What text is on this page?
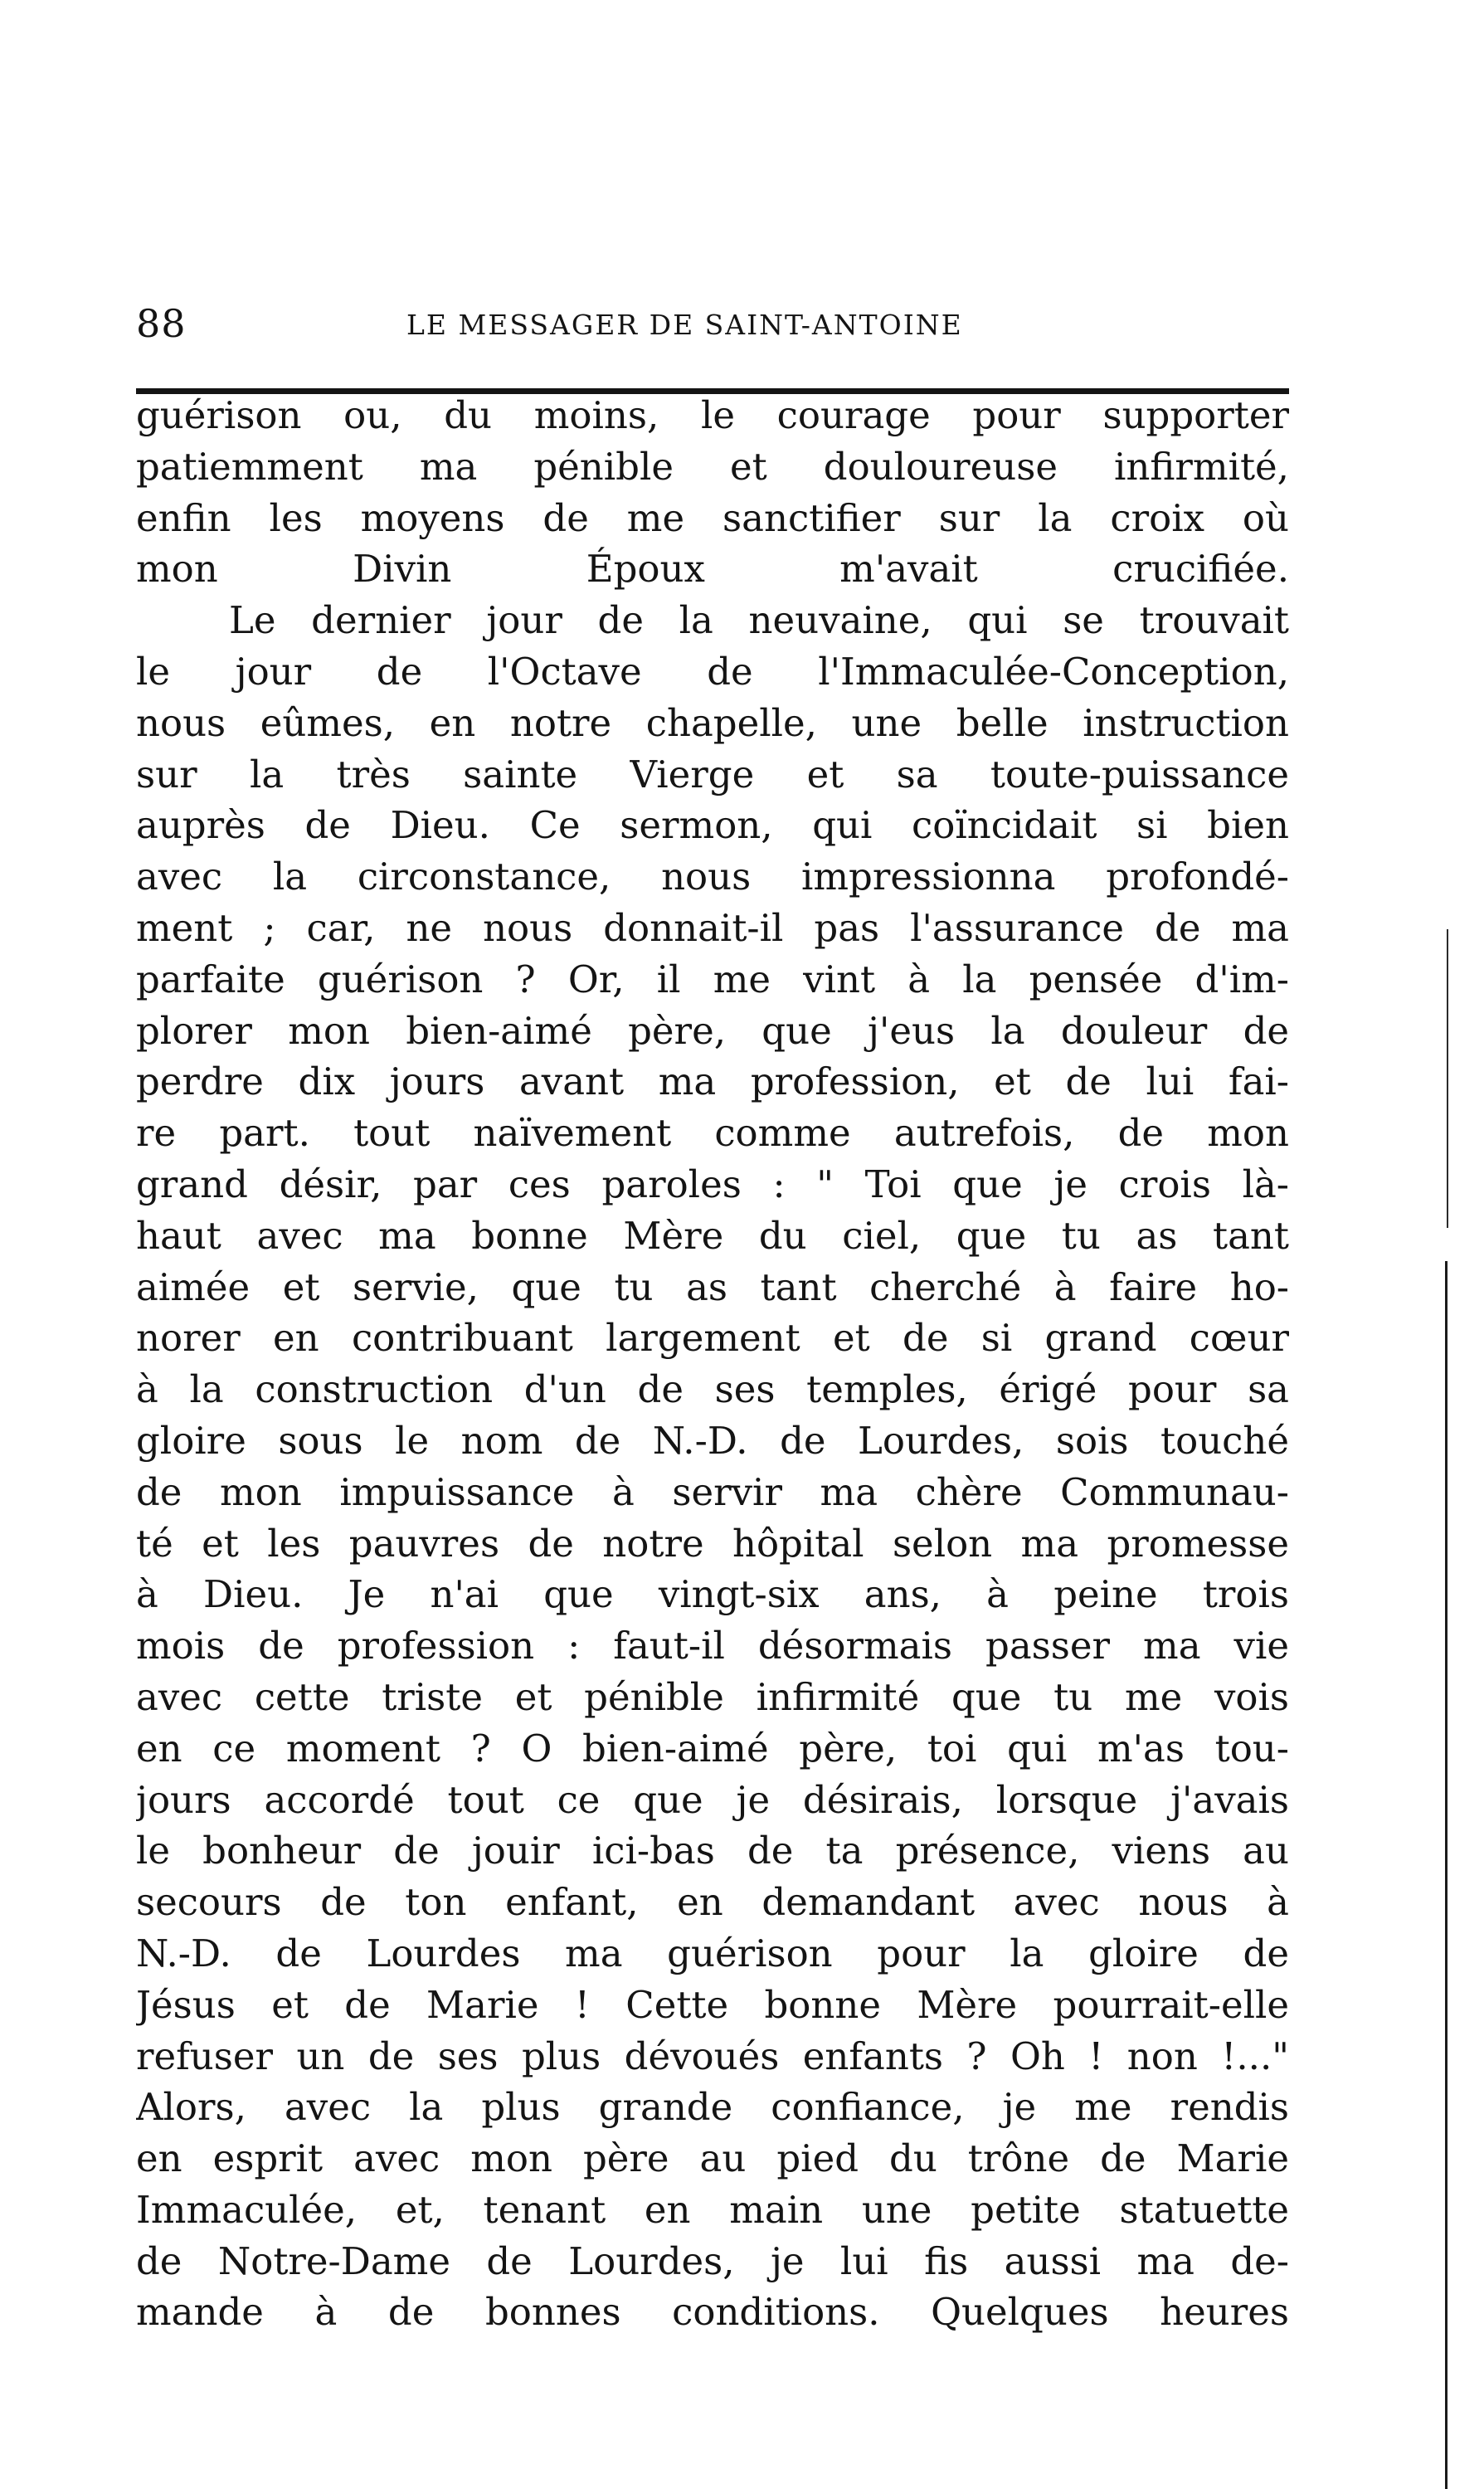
88	LE MESSAGER DE SAINT-ANTOINE
guérison ou, du moins, le courage pour supporter
patiemment ma pénible et douloureuse infirmité,
enfin les moyens de me sanctifier sur la croix où
mon Divin Époux m'avait crucifiée.
Le dernier jour de la neuvaine, qui se trouvait
le jour de l'Octave de l'Immaculée-Conception,
nous eûmes, en notre chapelle, une belle instruction
sur la très sainte Vierge et sa toute-puissance
auprès de Dieu. Ce sermon, qui coïncidait si bien
avec la circonstance, nous impressionna profondé-
ment ; car, ne nous donnait-il pas l'assurance de ma
parfaite guérison ? Or, il me vint à la pensée d'im-
plorer mon bien-aimé père, que j'eus la douleur de
perdre dix jours avant ma profession, et de lui fai-
re part. tout naïvement comme autrefois, de mon
grand désir, par ces paroles : " Toi que je crois là-
haut avec ma bonne Mère du ciel, que tu as tant
aimée et servie, que tu as tant cherché à faire ho-
norer en contribuant largement et de si grand cœur
à la construction d'un de ses temples, érigé pour sa
gloire sous le nom de N.-D. de Lourdes, sois touché
de mon impuissance à servir ma chère Communau-
té et les pauvres de notre hôpital selon ma promesse
à Dieu. Je n'ai que vingt-six ans, à peine trois
mois de profession : faut-il désormais passer ma vie
avec cette triste et pénible infirmité que tu me vois
en ce moment ? O bien-aimé père, toi qui m'as tou-
jours accordé tout ce que je désirais, lorsque j'avais
le bonheur de jouir ici-bas de ta présence, viens au
secours de ton enfant, en demandant avec nous à
N.-D. de Lourdes ma guérison pour la gloire de
Jésus et de Marie ! Cette bonne Mère pourrait-elle
refuser un de ses plus dévoués enfants ? Oh ! non !..."
Alors, avec la plus grande confiance, je me rendis
en esprit avec mon père au pied du trône de Marie
Immaculée, et, tenant en main une petite statuette
de Notre-Dame de Lourdes, je lui fis aussi ma de-
mande à de bonnes conditions. Quelques heures
